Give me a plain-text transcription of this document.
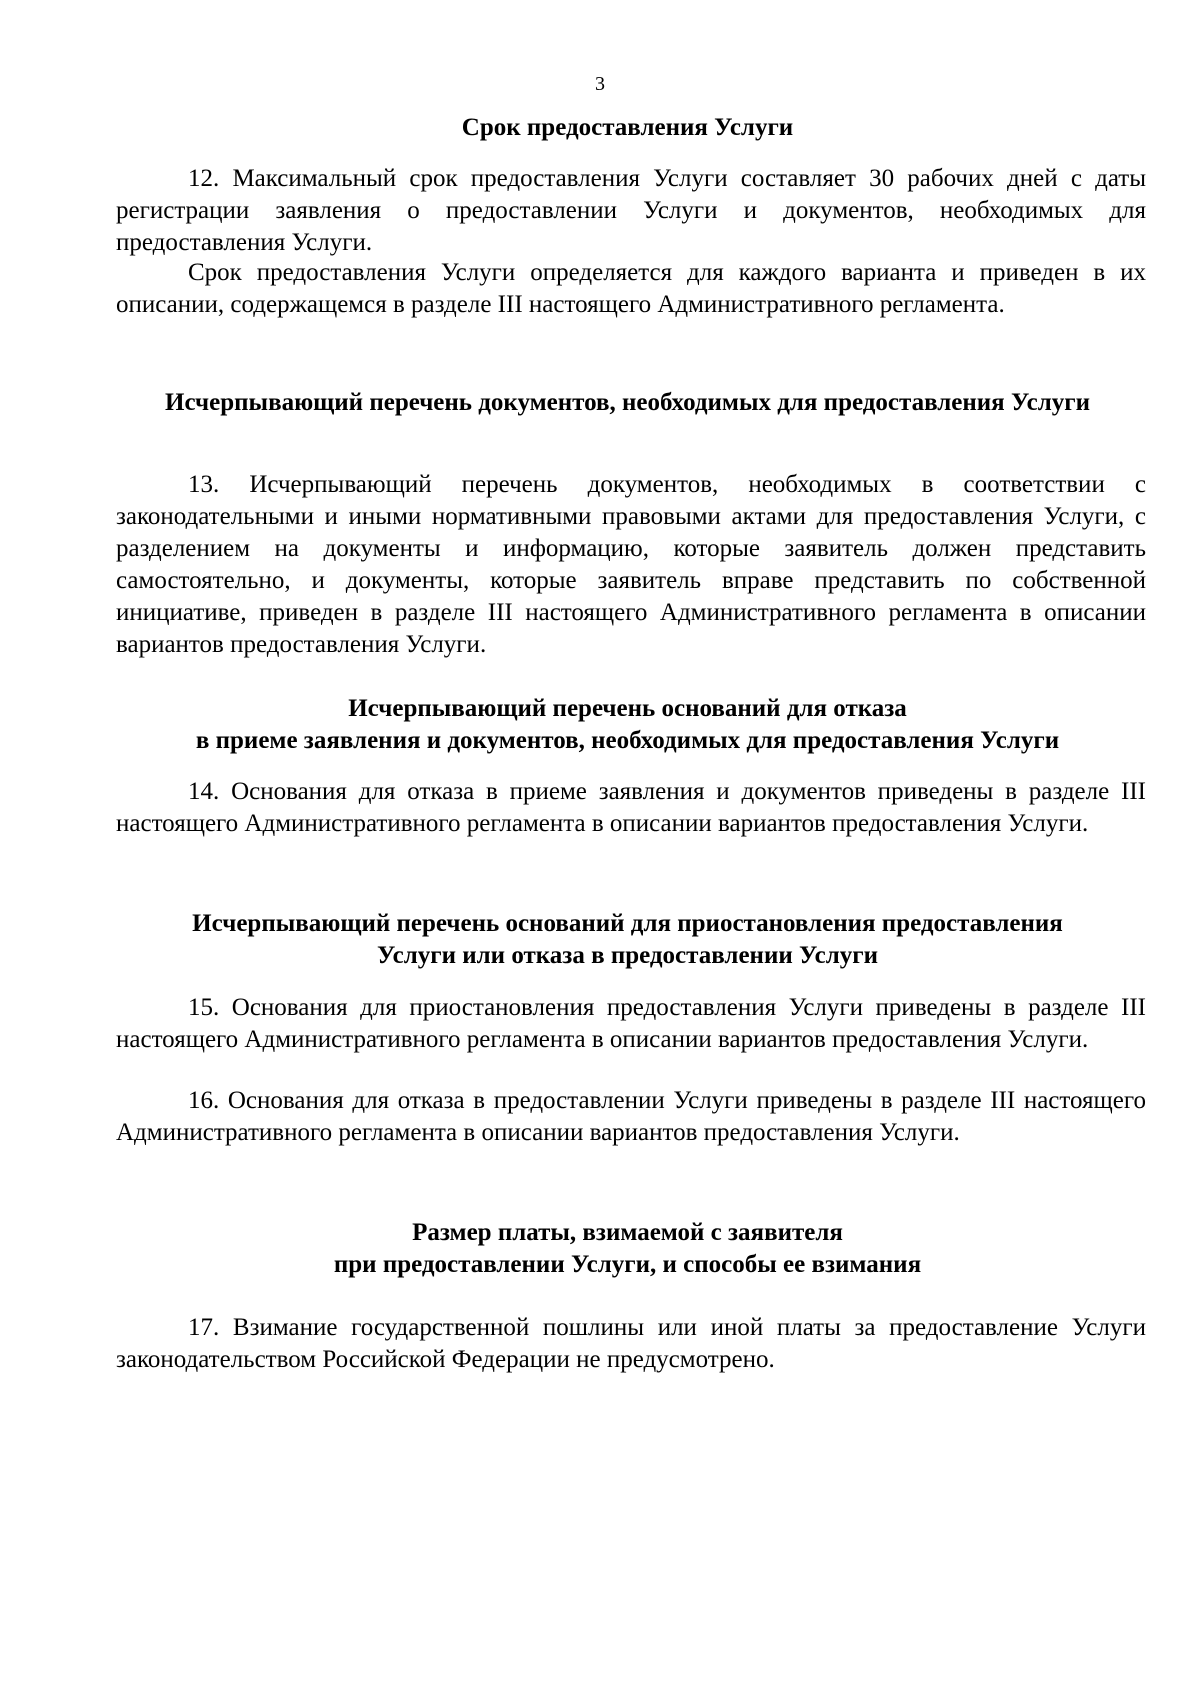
3
Срок предоставления Услуги

12. Максимальный срок предоставления Услуги составляет 30 рабочих дней с даты регистрации заявления о предоставлении Услуги и документов, необходимых для предоставления Услуги.

Срок предоставления Услуги определяется для каждого варианта и приведен в их описании, содержащемся в разделе III настоящего Административного регламента.

Исчерпывающий перечень документов, необходимых для предоставления Услуги

13. Исчерпывающий перечень документов, необходимых в соответствии с законодательными и иными нормативными правовыми актами для предоставления Услуги, с разделением на документы и информацию, которые заявитель должен представить самостоятельно, и документы, которые заявитель вправе представить по собственной инициативе, приведен в разделе III настоящего Административного регламента в описании вариантов предоставления Услуги.

Исчерпывающий перечень оснований для отказа
в приеме заявления и документов, необходимых для предоставления Услуги

14. Основания для отказа в приеме заявления и документов приведены в разделе III настоящего Административного регламента в описании вариантов предоставления Услуги.

Исчерпывающий перечень оснований для приостановления предоставления
Услуги или отказа в предоставлении Услуги

15. Основания для приостановления предоставления Услуги приведены в разделе III настоящего Административного регламента в описании вариантов предоставления Услуги.

16. Основания для отказа в предоставлении Услуги приведены в разделе III настоящего Административного регламента в описании вариантов предоставления Услуги.

Размер платы, взимаемой с заявителя
при предоставлении Услуги, и способы ее взимания

17. Взимание государственной пошлины или иной платы за предоставление Услуги законодательством Российской Федерации не предусмотрено.
